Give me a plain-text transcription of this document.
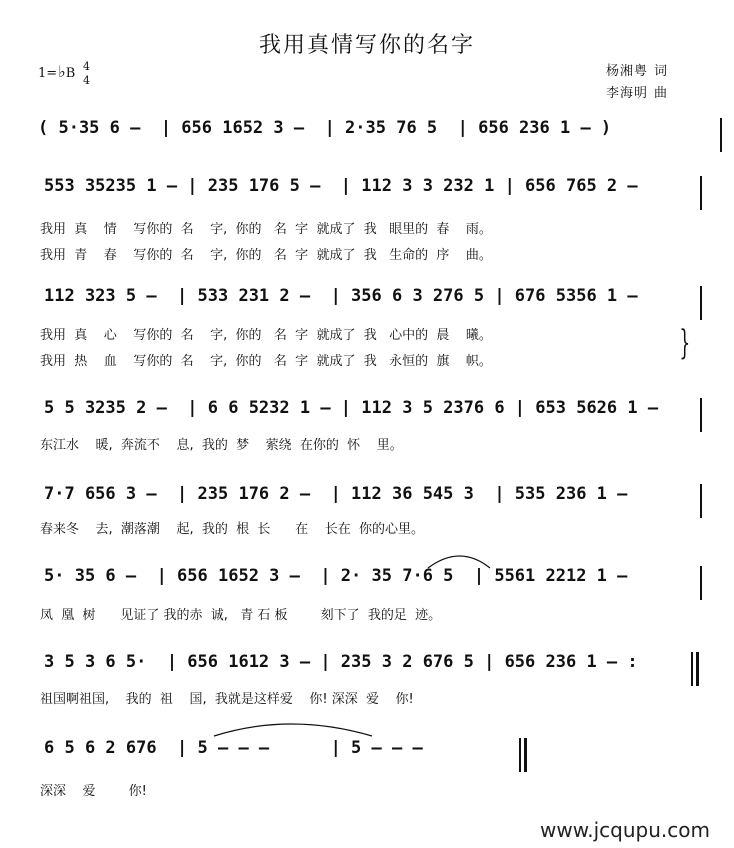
我用真情写你的名字
1=♭B 4
4
杨湘粤 词
李海明 曲
( 5·35 6 –  | 656 1652 3 –  | 2·35 76 5  | 656 236 1 – )
553 35235 1 – | 235 176 5 –  | 112 3 3 232 1 | 656 765 2 –
我用  真    情    写你的  名    字,  你的   名  字  就成了  我   眼里的  春    雨。
我用  青    春    写你的  名    字,  你的   名  字  就成了  我   生命的  序    曲。
112 323 5 –  | 533 231 2 –  | 356 6 3 276 5 | 676 5356 1 –
我用  真    心    写你的  名    字,  你的   名  字  就成了  我   心中的  晨    曦。
我用  热    血    写你的  名    字,  你的   名  字  就成了  我   永恒的  旗    帜。	}
5 5 3235 2 –  | 6 6 5232 1 – | 112 3 5 2376 6 | 653 5626 1 –
东江水    暖,  奔流不    息,  我的  梦    萦绕  在你的  怀    里。
7·7 656 3 –  | 235 176 2 –  | 112 36 545 3  | 535 236 1 –
春来冬    去,  潮落潮    起,  我的  根  长      在    长在  你的心里。
5· 35 6 –  | 656 1652 3 –  | 2· 35 7·6 5  | 5561 2212 1 –
凤  凰  树      见证了 我的赤  诚,   青 石 板        刻下了  我的足  迹。
3 5 3 6 5·  | 656 1612 3 – | 235 3 2 676 5 | 656 236 1 – :
祖国啊祖国,    我的  祖    国,  我就是这样爱    你! 深深  爱    你!
6 5 6 2 676  | 5 – – –      | 5 – – –
深深    爱        你!
www.jcqupu.com
